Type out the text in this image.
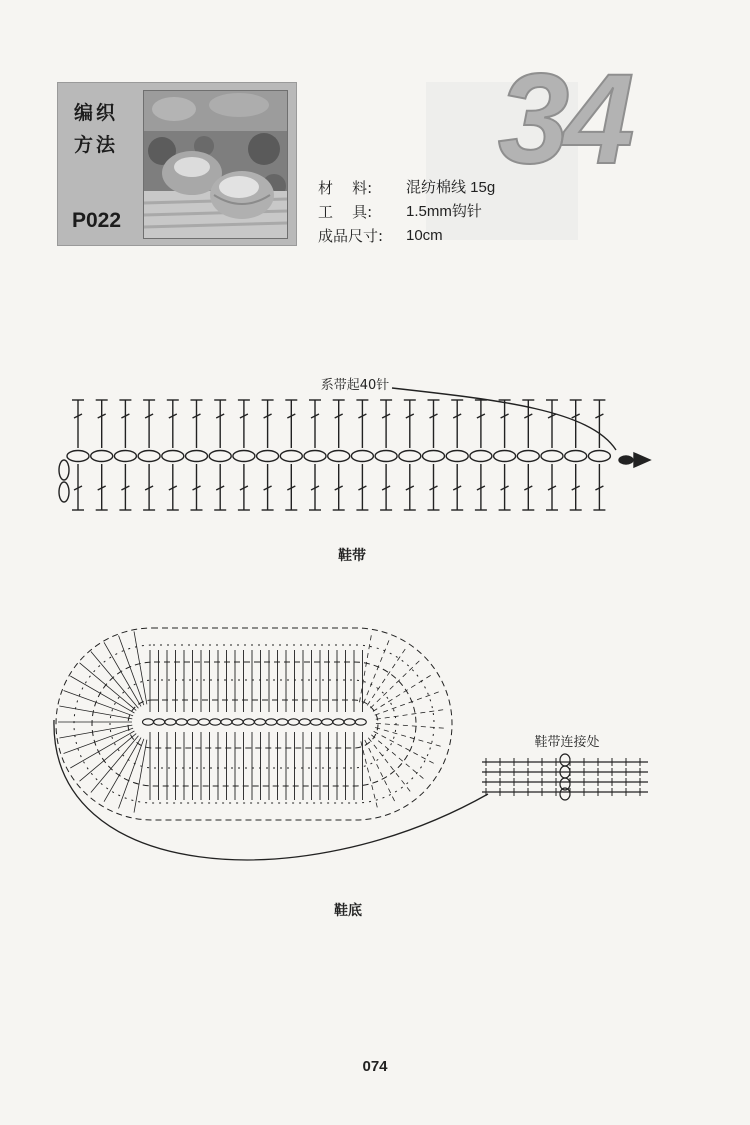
编织方法
P022
34
材    料:	混纺棉线 15g
工    具:	1.5mm钩针
成品尺寸:	10cm
系带起40针
鞋带
鞋带连接处
鞋底
074
